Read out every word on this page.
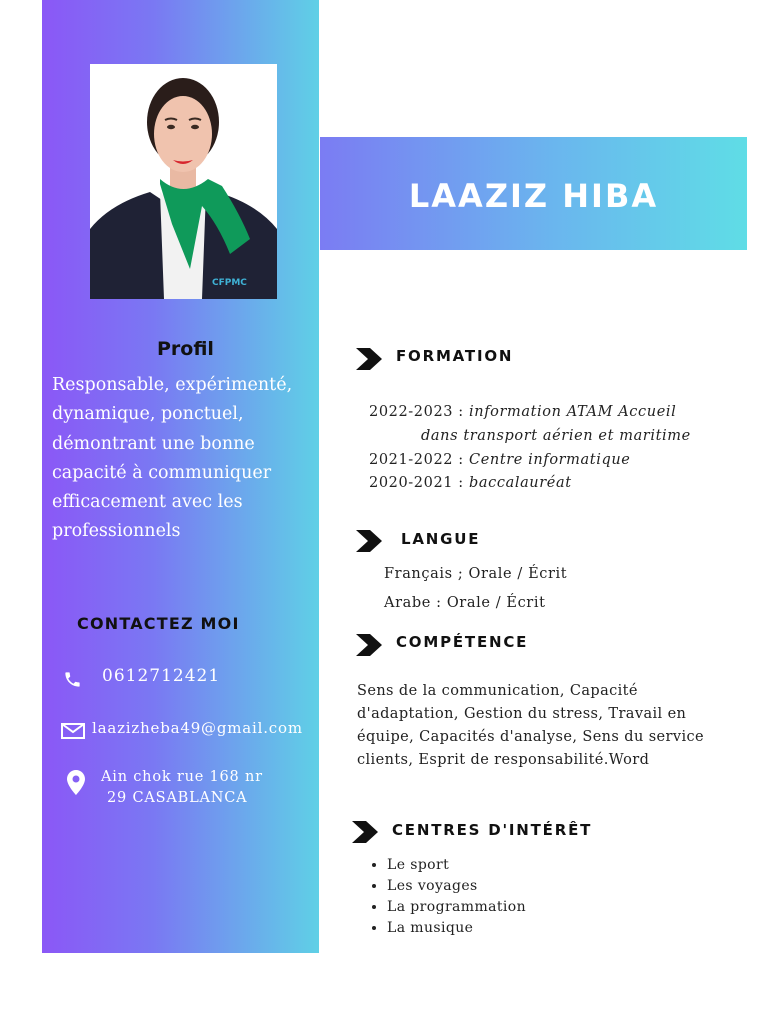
CFPMC
LAAZIZ HIBA
Profil
Responsable, expérimenté, dynamique, ponctuel, démontrant une bonne capacité à communiquer efficacement avec les professionnels
CONTACTEZ MOI
0612712421
laazizheba49@gmail.com
Ain chok rue 168 nr
29 CASABLANCA
FORMATION
2022-2023 : information ATAM Accueil
dans transport aérien et maritime
2021-2022 : Centre informatique
2020-2021 : baccalauréat
LANGUE
Français ; Orale / Écrit
Arabe : Orale / Écrit
COMPÉTENCE
Sens de la communication, Capacité d'adaptation, Gestion du stress, Travail en équipe, Capacités d'analyse, Sens du service clients, Esprit de responsabilité.Word
CENTRES D'INTÉRÊT
• Le sport
• Les voyages
• La programmation
• La musique
